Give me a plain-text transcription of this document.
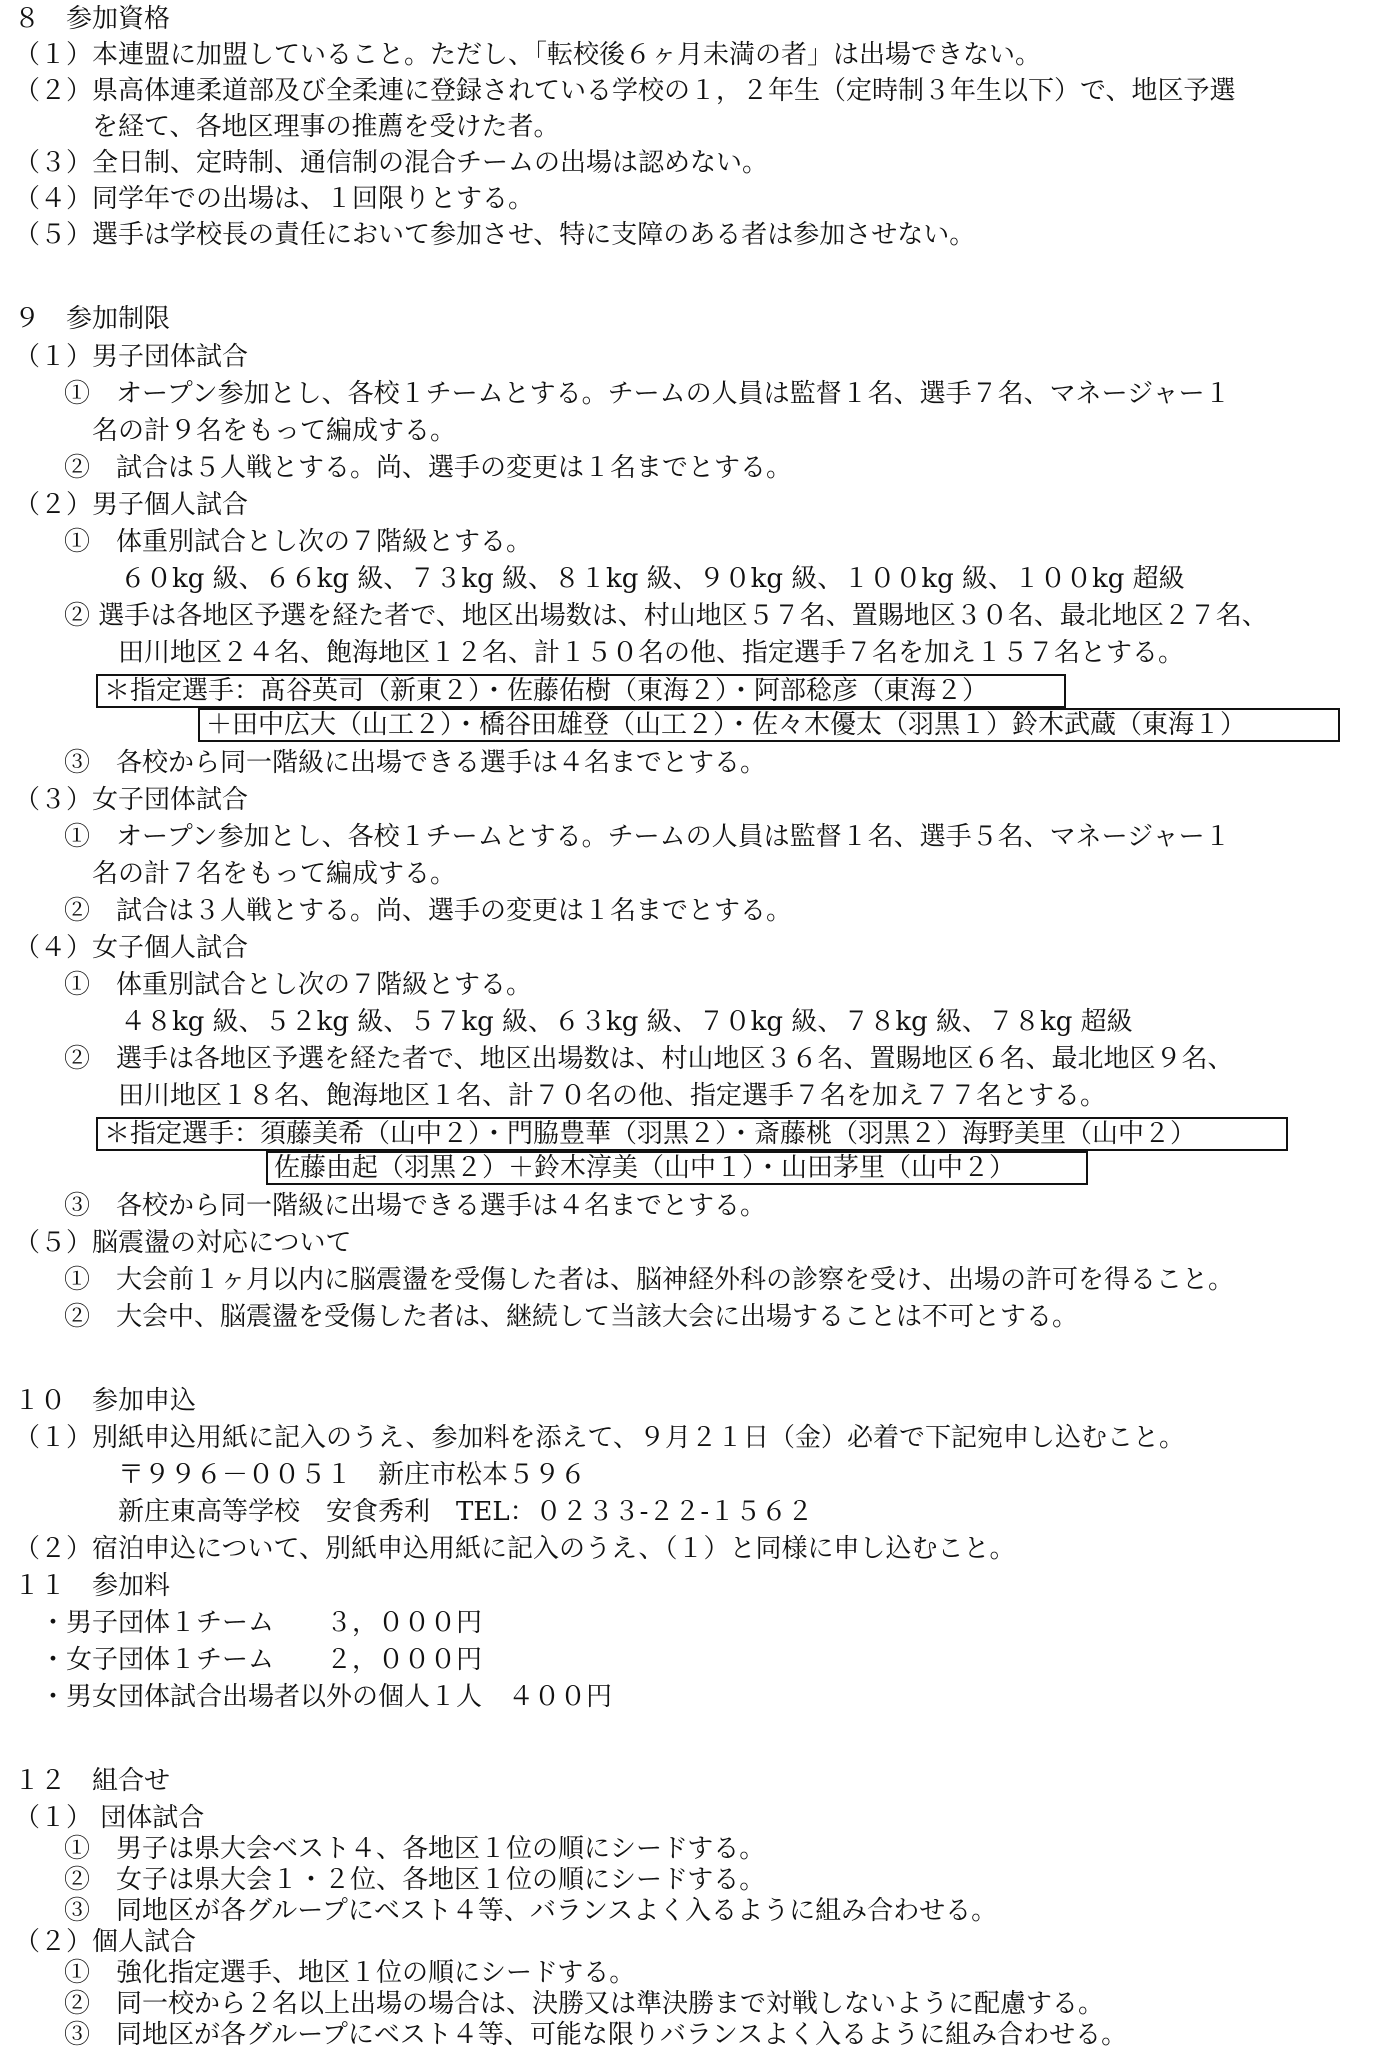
８　参加資格
（１）本連盟に加盟していること。ただし、「転校後６ヶ月未満の者」は出場できない。
（２）県高体連柔道部及び全柔連に登録されている学校の１，２年生（定時制３年生以下）で、地区予選
を経て、各地区理事の推薦を受けた者。
（３）全日制、定時制、通信制の混合チームの出場は認めない。
（４）同学年での出場は、１回限りとする。
（５）選手は学校長の責任において参加させ、特に支障のある者は参加させない。
９　参加制限
（１）男子団体試合
①　オープン参加とし、各校１チームとする。チームの人員は監督１名、選手７名、マネージャー１
名の計９名をもって編成する。
②　試合は５人戦とする。尚、選手の変更は１名までとする。
（２）男子個人試合
①　体重別試合とし次の７階級とする。
６０kg 級、６６kg 級、７３kg 級、８１kg 級、９０kg 級、１００kg 級、１００kg 超級
② 選手は各地区予選を経た者で、地区出場数は、村山地区５７名、置賜地区３０名、最北地区２７名、
田川地区２４名、飽海地区１２名、計１５０名の他、指定選手７名を加え１５７名とする。
＊指定選手：髙谷英司（新東２）・佐藤佑樹（東海２）・阿部稔彦（東海２）
＋田中広大（山工２）・橋谷田雄登（山工２）・佐々木優太（羽黒１）鈴木武蔵（東海１）
③　各校から同一階級に出場できる選手は４名までとする。
（３）女子団体試合
①　オープン参加とし、各校１チームとする。チームの人員は監督１名、選手５名、マネージャー１
名の計７名をもって編成する。
②　試合は３人戦とする。尚、選手の変更は１名までとする。
（４）女子個人試合
①　体重別試合とし次の７階級とする。
４８kg 級、５２kg 級、５７kg 級、６３kg 級、７０kg 級、７８kg 級、７８kg 超級
②　選手は各地区予選を経た者で、地区出場数は、村山地区３６名、置賜地区６名、最北地区９名、
田川地区１８名、飽海地区１名、計７０名の他、指定選手７名を加え７７名とする。
＊指定選手：須藤美希（山中２）・門脇豊華（羽黒２）・斎藤桃（羽黒２）海野美里（山中２）
佐藤由起（羽黒２）＋鈴木淳美（山中１）・山田茅里（山中２）
③　各校から同一階級に出場できる選手は４名までとする。
（５）脳震盪の対応について
①　大会前１ヶ月以内に脳震盪を受傷した者は、脳神経外科の診察を受け、出場の許可を得ること。
②　大会中、脳震盪を受傷した者は、継続して当該大会に出場することは不可とする。
１０　参加申込
（１）別紙申込用紙に記入のうえ、参加料を添えて、９月２１日（金）必着で下記宛申し込むこと。
〒９９６－００５１　新庄市松本５９６
新庄東高等学校　安食秀利　TEL：０２３３-２２-１５６２
（２）宿泊申込について、別紙申込用紙に記入のうえ、（１）と同様に申し込むこと。
１１　参加料
・男子団体１チーム　　３，０００円
・女子団体１チーム　　２，０００円
・男女団体試合出場者以外の個人１人　４００円
１２　組合せ
（１） 団体試合
①　男子は県大会ベスト４、各地区１位の順にシードする。
②　女子は県大会１・２位、各地区１位の順にシードする。
③　同地区が各グループにベスト４等、バランスよく入るように組み合わせる。
（２）個人試合
①　強化指定選手、地区１位の順にシードする。
②　同一校から２名以上出場の場合は、決勝又は準決勝まで対戦しないように配慮する。
③　同地区が各グループにベスト４等、可能な限りバランスよく入るように組み合わせる。
